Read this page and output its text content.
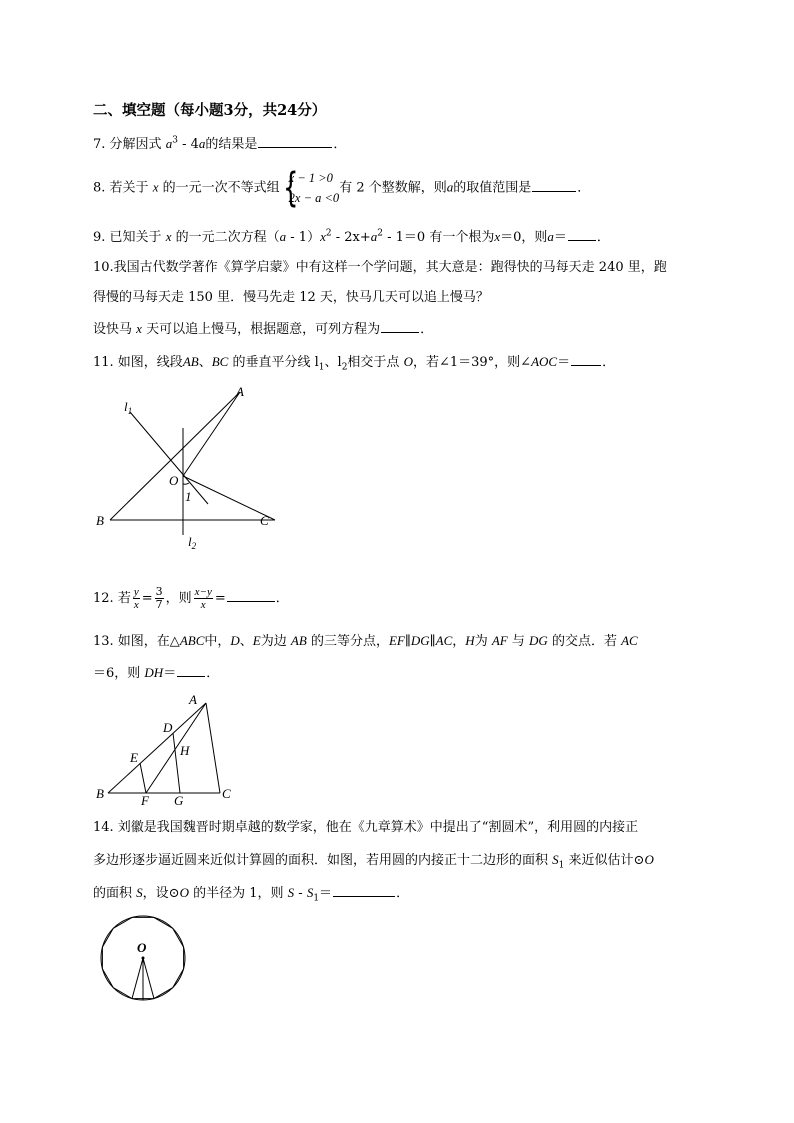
二、填空题（每小题3分，共24分）
7. 分解因式 $a^3 - 4a$的结果是	．
8. 若关于 x 的一元一次不等式组 {
x − 1 >0
2x − a <0
有 2 个整数解，则a的取值范围是	．
9. 已知关于 x 的一元二次方程$(a - 1)x^2 - 2x+a^2 - 1=0$ 有一个根为x＝0，则a＝ ．
10.我国古代数学著作《算学启蒙》中有这样一个学问题，其大意是：跑得快的马每天走 240 里，跑
得慢的马每天走 150 里．慢马先走 12 天，快马几天可以追上慢马？
设快马 x 天可以追上慢马，根据题意，可列方程为	．
11. 如图，线段AB、BC 的垂直平分线 $l_1$、$l_2$相交于点 O，若∠1＝39°，则∠AOC＝ ．
$l_1$
A
O
1
B	C
$l_2$
12. 若 $\frac{y}{x} = \frac{3}{7}$ ，则 $\frac{x-y}{x}$ =	．
13. 如图，在△ABC中，D、E为边 AB 的三等分点，EF∥DG∥AC，H为 AF 与 DG 的交点．若 AC
＝6，则 DH＝ ．
A
D
H
E
B	F G	C
14. 刘徽是我国魏晋时期卓越的数学家，他在《九章算术》中提出了“割圆术”，利用圆的内接正
多边形逐步逼近圆来近似计算圆的面积．如图，若用圆的内接正十二边形的面积 $S_1$ 来近似估计⊙O
的面积 S，设⊙O 的半径为 1，则 $S - S_1=$	．
O
